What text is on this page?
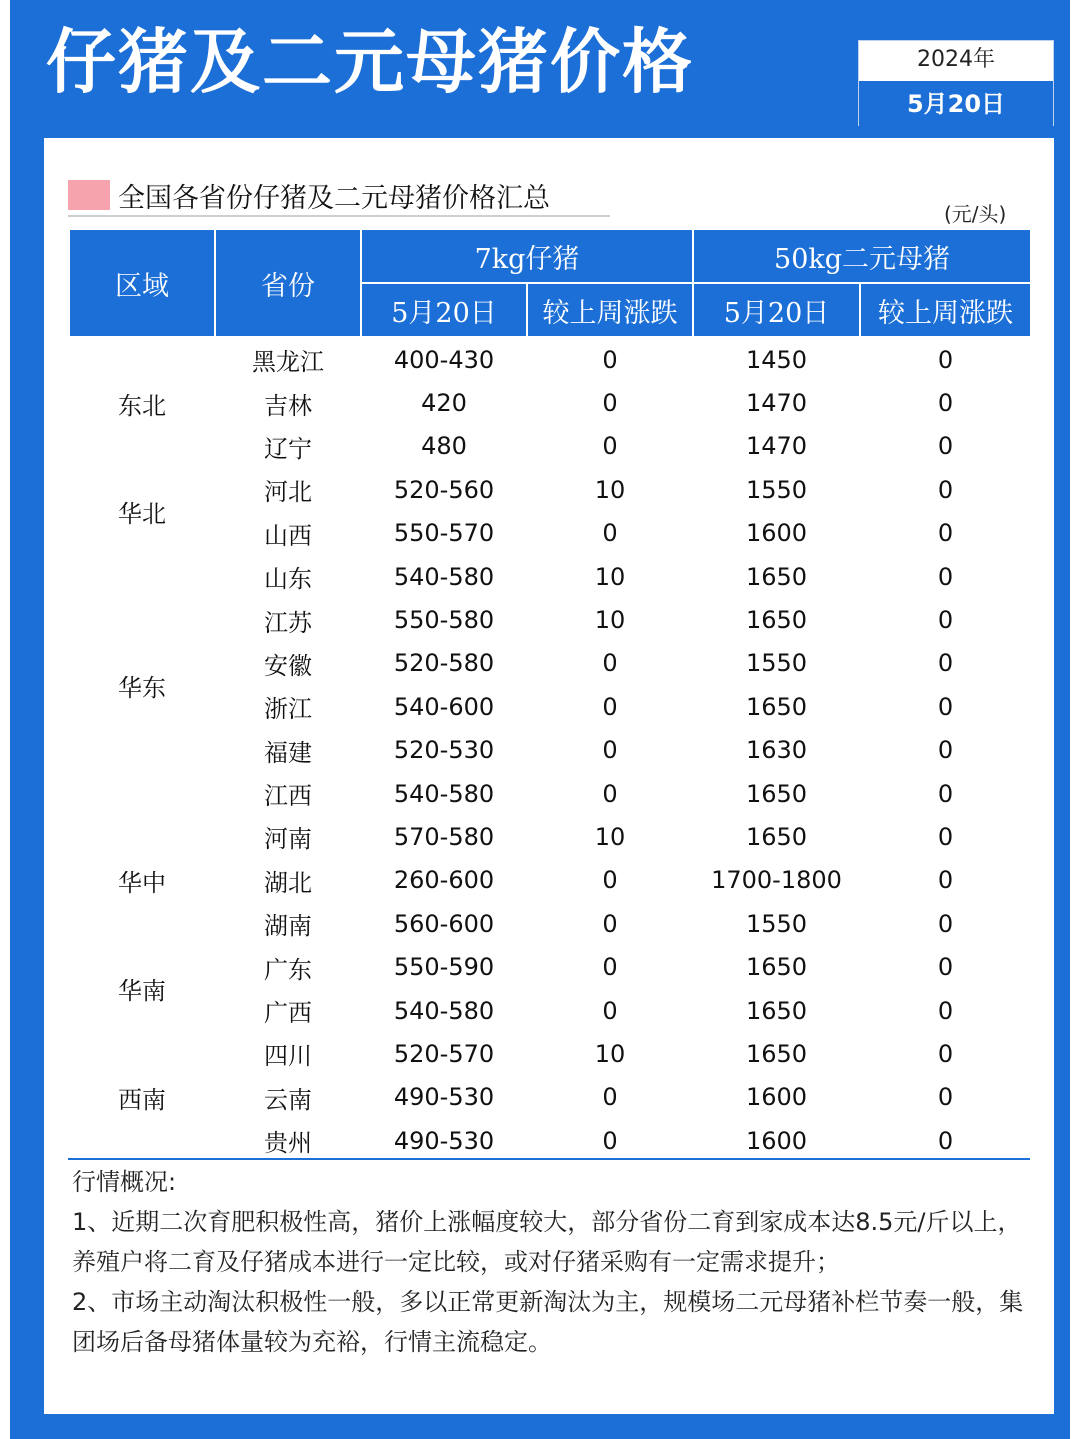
仔猪及二元母猪价格	2024年
5月20日
全国各省份仔猪及二元母猪价格汇总	(元/头)
区域	省份	7kg仔猪		50kg二元母猪	
		5月20日	较上周涨跌	5月20日	较上周涨跌
东北	黑龙江	400-430	0	1450	0
	吉林	420	0	1470	0
	辽宁	480	0	1470	0
华北	河北	520-560	10	1550	0
	山西	550-570	0	1600	0
华东	山东	540-580	10	1650	0
	江苏	550-580	10	1650	0
	安徽	520-580	0	1550	0
	浙江	540-600	0	1650	0
	福建	520-530	0	1630	0
	江西	540-580	0	1650	0
华中	河南	570-580	10	1650	0
	湖北	260-600	0	1700-1800	0
	湖南	560-600	0	1550	0
华南	广东	550-590	0	1650	0
	广西	540-580	0	1650	0
西南	四川	520-570	10	1650	0
	云南	490-530	0	1600	0
	贵州	490-530	0	1600	0

行情概况:

1、近期二次育肥积极性高，猪价上涨幅度较大，部分省份二育到家成本达8.5元/斤以上，养殖户将二育及仔猪成本进行一定比较，或对仔猪采购有一定需求提升；

2、市场主动淘汰积极性一般，多以正常更新淘汰为主，规模场二元母猪补栏节奏一般，集团场后备母猪体量较为充裕，行情主流稳定。
